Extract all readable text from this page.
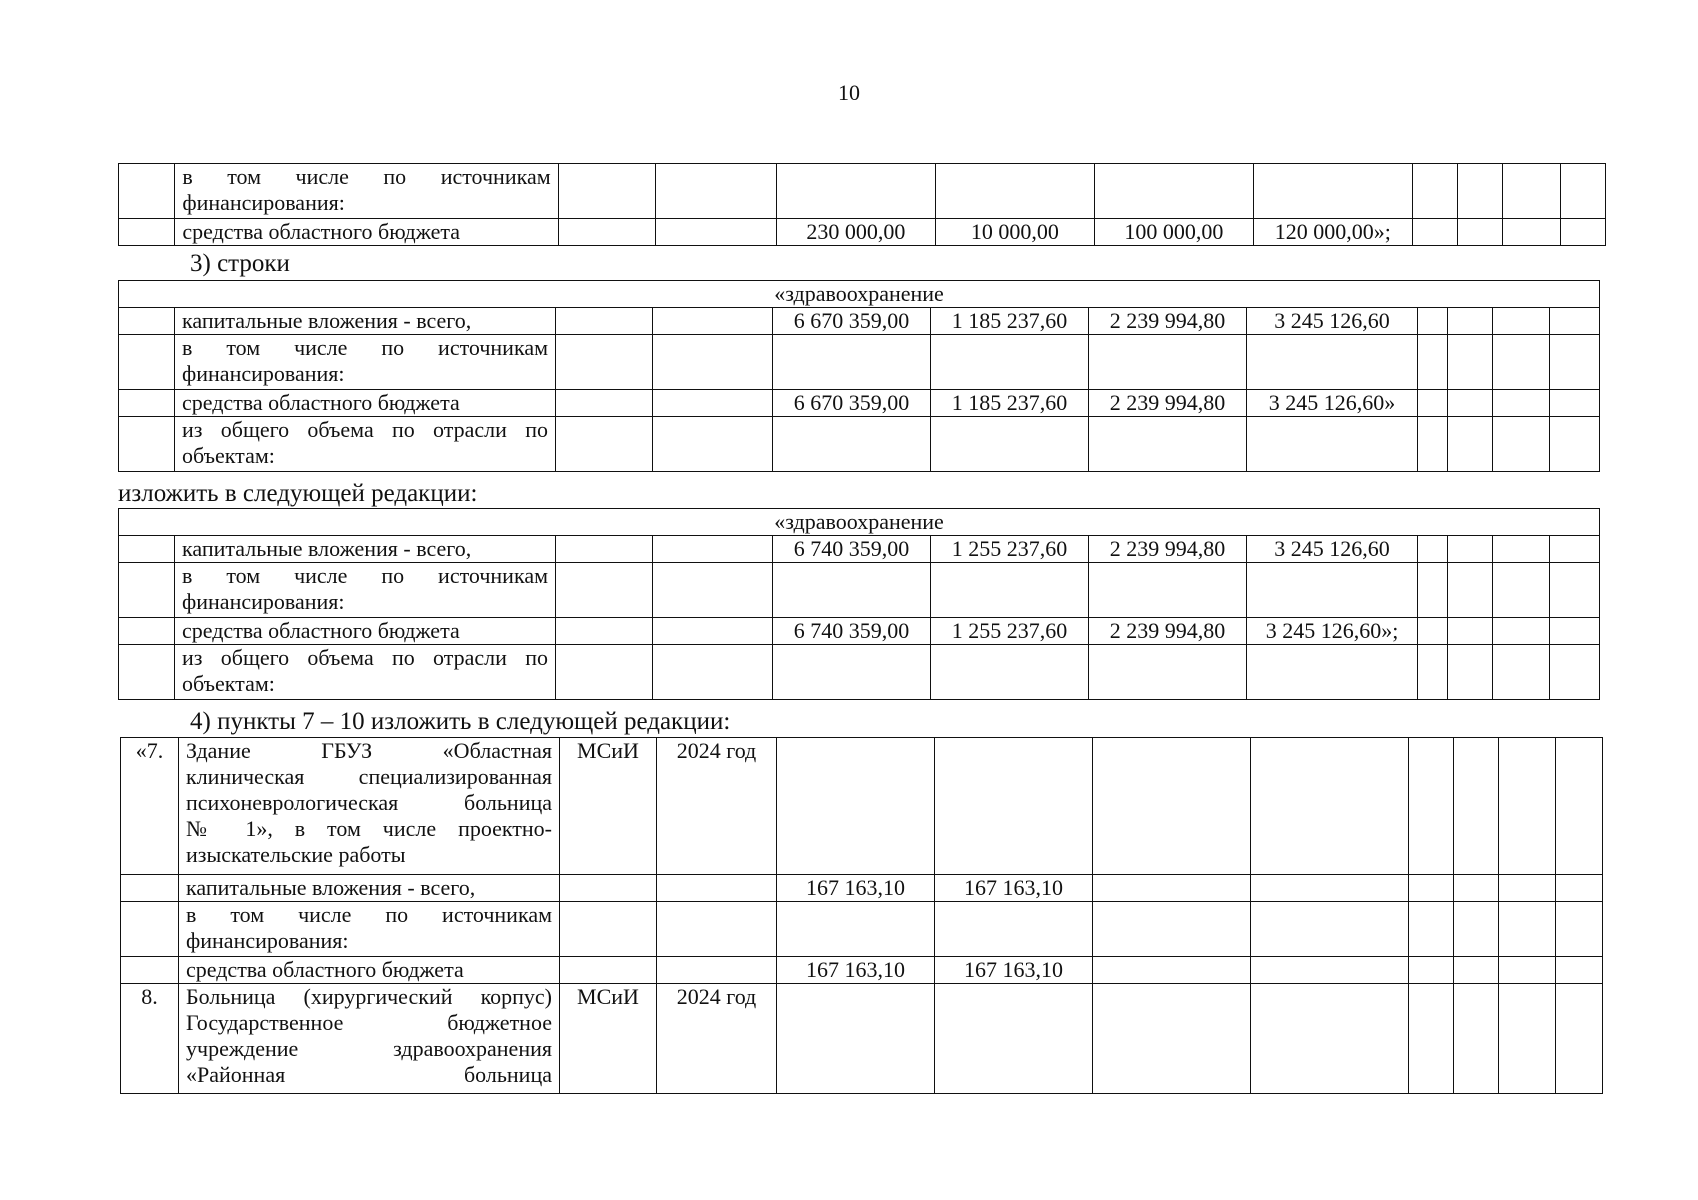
10

	в том числе по источникам
финансирования:										

	средства областного бюджета			230 000,00	10 000,00	100 000,00	120 000,00»;				
3) строки
«здравоохранение											
	капитальные вложения - всего,			6 670 359,00	1 185 237,60	2 239 994,80	3 245 126,60				

	в том числе по источникам
финансирования:										

	средства областного бюджета			6 670 359,00	1 185 237,60	2 239 994,80	3 245 126,60»				

	из общего объема по отрасли по
объектам:										

изложить в следующей редакции:
«здравоохранение											
	капитальные вложения - всего,			6 740 359,00	1 255 237,60	2 239 994,80	3 245 126,60				

	в том числе по источникам
финансирования:										

	средства областного бюджета			6 740 359,00	1 255 237,60	2 239 994,80	3 245 126,60»;				

	из общего объема по отрасли по
объектам:										

4) пункты 7 – 10 изложить в следующей редакции:
«7.	Здание ГБУЗ «Областная
клиническая специализированная
психоневрологическая больница
№ 1», в том числе проектно-
изыскательские работы	МСиИ	2024 год								
	капитальные вложения - всего,			167 163,10	167 163,10						

	в том числе по источникам
финансирования:										

	средства областного бюджета			167 163,10	167 163,10						
8.	Больница (хирургический корпус)
Государственное бюджетное
учреждение здравоохранения
«Районная больница	МСиИ	2024 год								
